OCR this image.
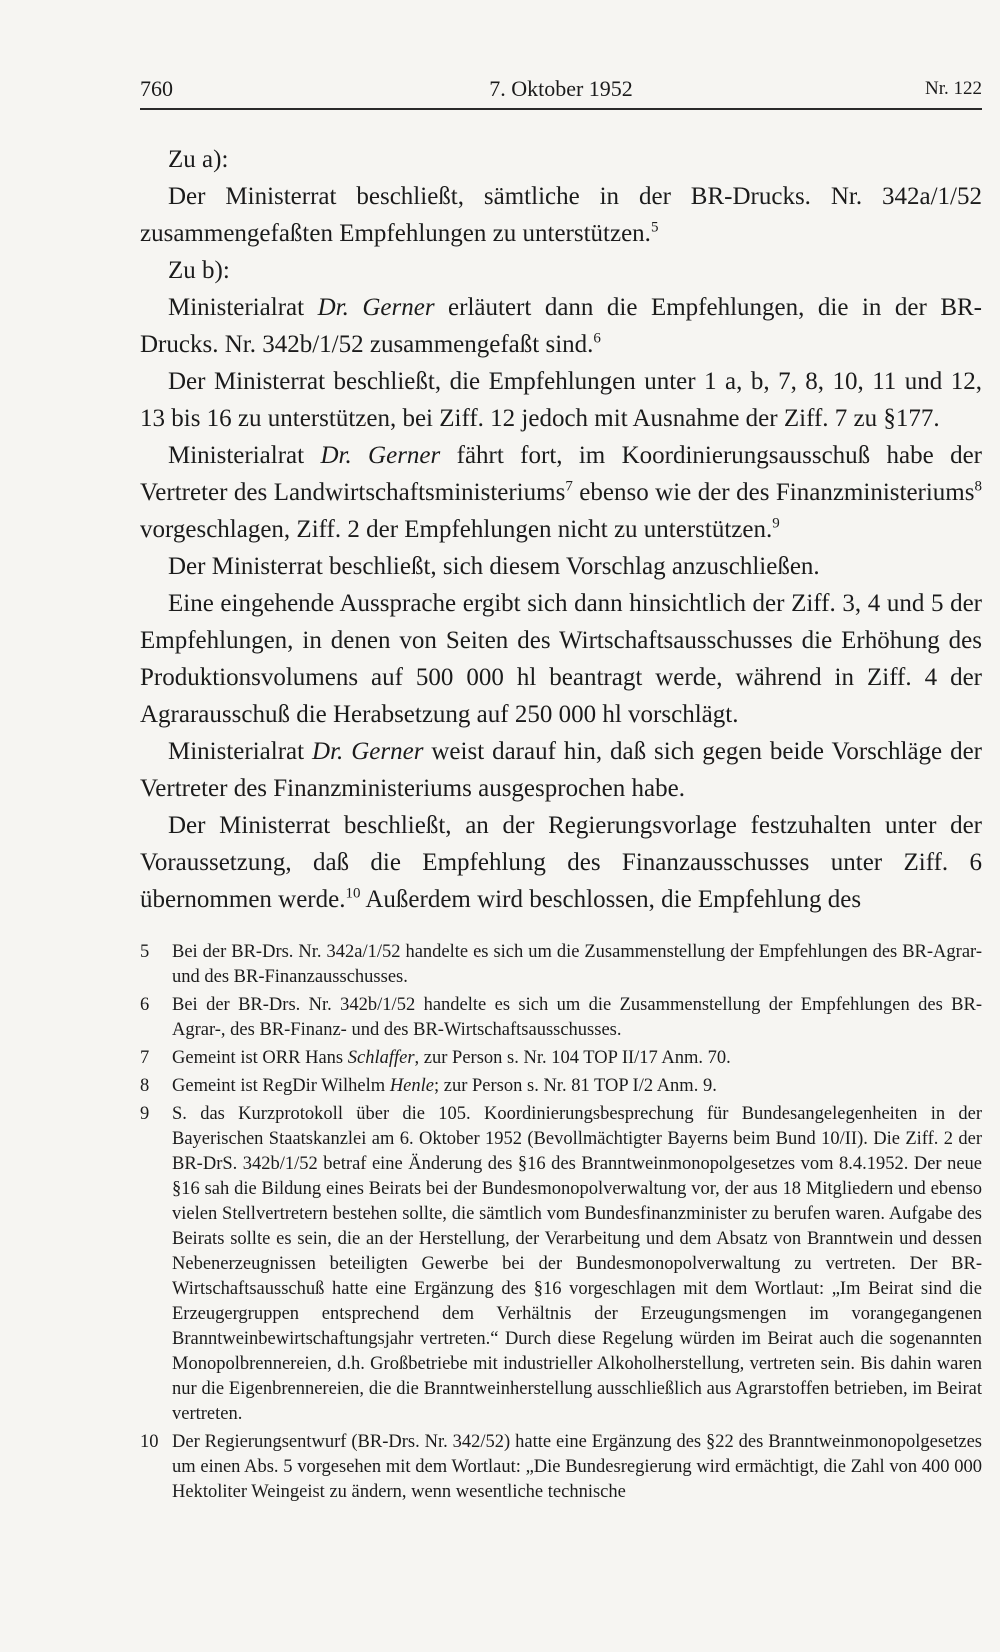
760	7. Oktober 1952	Nr. 122

Zu a):

Der Ministerrat beschließt, sämtliche in der BR-Drucks. Nr. 342a/1/52 zusammengefaßten Empfehlungen zu unterstützen.$^5$

Zu b):

Ministerialrat Dr. Gerner erläutert dann die Empfehlungen, die in der BR-Drucks. Nr. 342b/1/52 zusammengefaßt sind.$^6$

Der Ministerrat beschließt, die Empfehlungen unter 1 a, b, 7, 8, 10, 11 und 12, 13 bis 16 zu unterstützen, bei Ziff. 12 jedoch mit Ausnahme der Ziff. 7 zu §177.

Ministerialrat Dr. Gerner fährt fort, im Koordinierungsausschuß habe der Vertreter des Landwirtschaftsministeriums$^7$ ebenso wie der des Finanzministeriums$^8$ vorgeschlagen, Ziff. 2 der Empfehlungen nicht zu unterstützen.$^9$

Der Ministerrat beschließt, sich diesem Vorschlag anzuschließen.

Eine eingehende Aussprache ergibt sich dann hinsichtlich der Ziff. 3, 4 und 5 der Empfehlungen, in denen von Seiten des Wirtschaftsausschusses die Erhöhung des Produktionsvolumens auf 500 000 hl beantragt werde, während in Ziff. 4 der Agrarausschuß die Herabsetzung auf 250 000 hl vorschlägt.

Ministerialrat Dr. Gerner weist darauf hin, daß sich gegen beide Vorschläge der Vertreter des Finanzministeriums ausgesprochen habe.

Der Ministerrat beschließt, an der Regierungsvorlage festzuhalten unter der Voraussetzung, daß die Empfehlung des Finanzausschusses unter Ziff. 6 übernommen werde.$^{10}$ Außerdem wird beschlossen, die Empfehlung des

5 Bei der BR-Drs. Nr. 342a/1/52 handelte es sich um die Zusammenstellung der Empfehlungen des BR-Agrar- und des BR-Finanzausschusses.
6 Bei der BR-Drs. Nr. 342b/1/52 handelte es sich um die Zusammenstellung der Empfehlungen des BR-Agrar-, des BR-Finanz- und des BR-Wirtschaftsausschusses.
7 Gemeint ist ORR Hans Schlaffer, zur Person s. Nr. 104 TOP II/17 Anm. 70.
8 Gemeint ist RegDir Wilhelm Henle; zur Person s. Nr. 81 TOP I/2 Anm. 9.
9 S. das Kurzprotokoll über die 105. Koordinierungsbesprechung für Bundesangelegenheiten in der Bayerischen Staatskanzlei am 6. Oktober 1952 (Bevollmächtigter Bayerns beim Bund 10/II). Die Ziff. 2 der BR-DrS. 342b/1/52 betraf eine Änderung des §16 des Branntweinmonopolgesetzes vom 8.4.1952. Der neue §16 sah die Bildung eines Beirats bei der Bundesmonopolverwaltung vor, der aus 18 Mitgliedern und ebenso vielen Stellvertretern bestehen sollte, die sämtlich vom Bundesfinanzminister zu berufen waren. Aufgabe des Beirats sollte es sein, die an der Herstellung, der Verarbeitung und dem Absatz von Branntwein und dessen Nebenerzeugnissen beteiligten Gewerbe bei der Bundesmonopolverwaltung zu vertreten. Der BR-Wirtschaftsausschuß hatte eine Ergänzung des §16 vorgeschlagen mit dem Wortlaut: „Im Beirat sind die Erzeugergruppen entsprechend dem Verhältnis der Erzeugungsmengen im vorangegangenen Branntweinbewirtschaftungsjahr vertreten.“ Durch diese Regelung würden im Beirat auch die sogenannten Monopolbrennereien, d.h. Großbetriebe mit industrieller Alkoholherstellung, vertreten sein. Bis dahin waren nur die Eigenbrennereien, die die Branntweinherstellung ausschließlich aus Agrarstoffen betrieben, im Beirat vertreten.
10 Der Regierungsentwurf (BR-Drs. Nr. 342/52) hatte eine Ergänzung des §22 des Branntweinmonopolgesetzes um einen Abs. 5 vorgesehen mit dem Wortlaut: „Die Bundesregierung wird ermächtigt, die Zahl von 400 000 Hektoliter Weingeist zu ändern, wenn wesentliche technische
